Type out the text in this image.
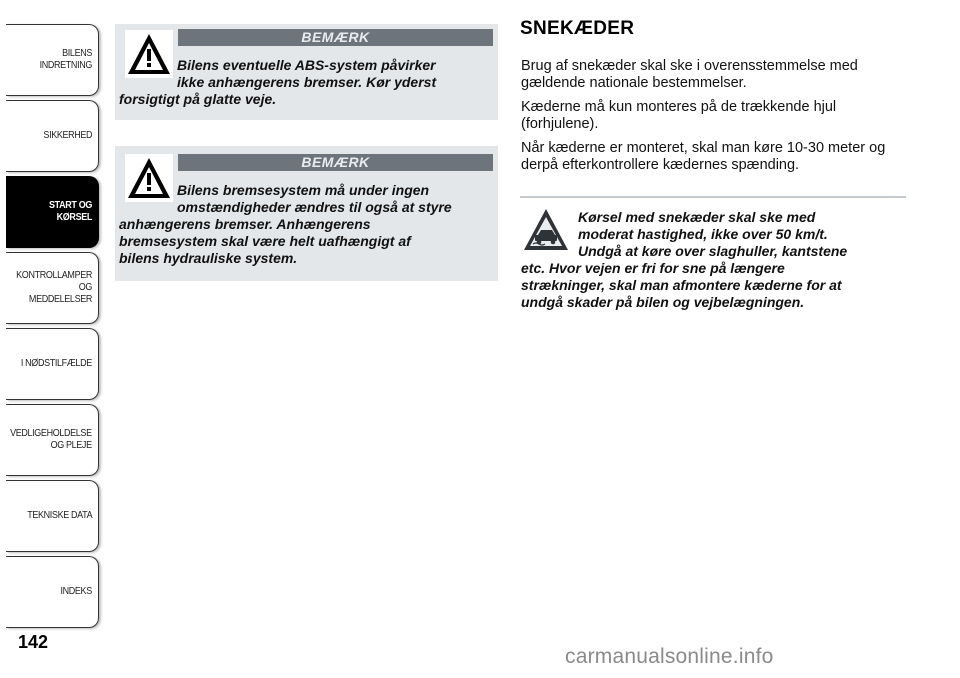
BILENS INDRETNING
SIKKERHED
START OG KØRSEL
KONTROLLAMPER
OG MEDDELELSER
I NØDSTILFÆLDE
VEDLIGEHOLDELSE
OG PLEJE
TEKNISKE DATA
INDEKS
142
BEMÆRK
Bilens eventuelle ABS-system påvirker
ikke anhængerens bremser. Kør yderst
forsigtigt på glatte veje.
BEMÆRK
Bilens bremsesystem må under ingen
omstændigheder ændres til også at styre
anhængerens bremser. Anhængerens
bremsesystem skal være helt uafhængigt af
bilens hydrauliske system.
SNEKÆDER
Brug af snekæder skal ske i overensstemmelse med gældende nationale bestemmelser.
Kæderne må kun monteres på de trækkende hjul (forhjulene).
Når kæderne er monteret, skal man køre 10-30 meter og derpå efterkontrollere kædernes spænding.
Kørsel med snekæder skal ske med
moderat hastighed, ikke over 50 km/t.
Undgå at køre over slaghuller, kantstene
etc. Hvor vejen er fri for sne på længere
strækninger, skal man afmontere kæderne for at
undgå skader på bilen og vejbelægningen.
carmanualsonline.info
